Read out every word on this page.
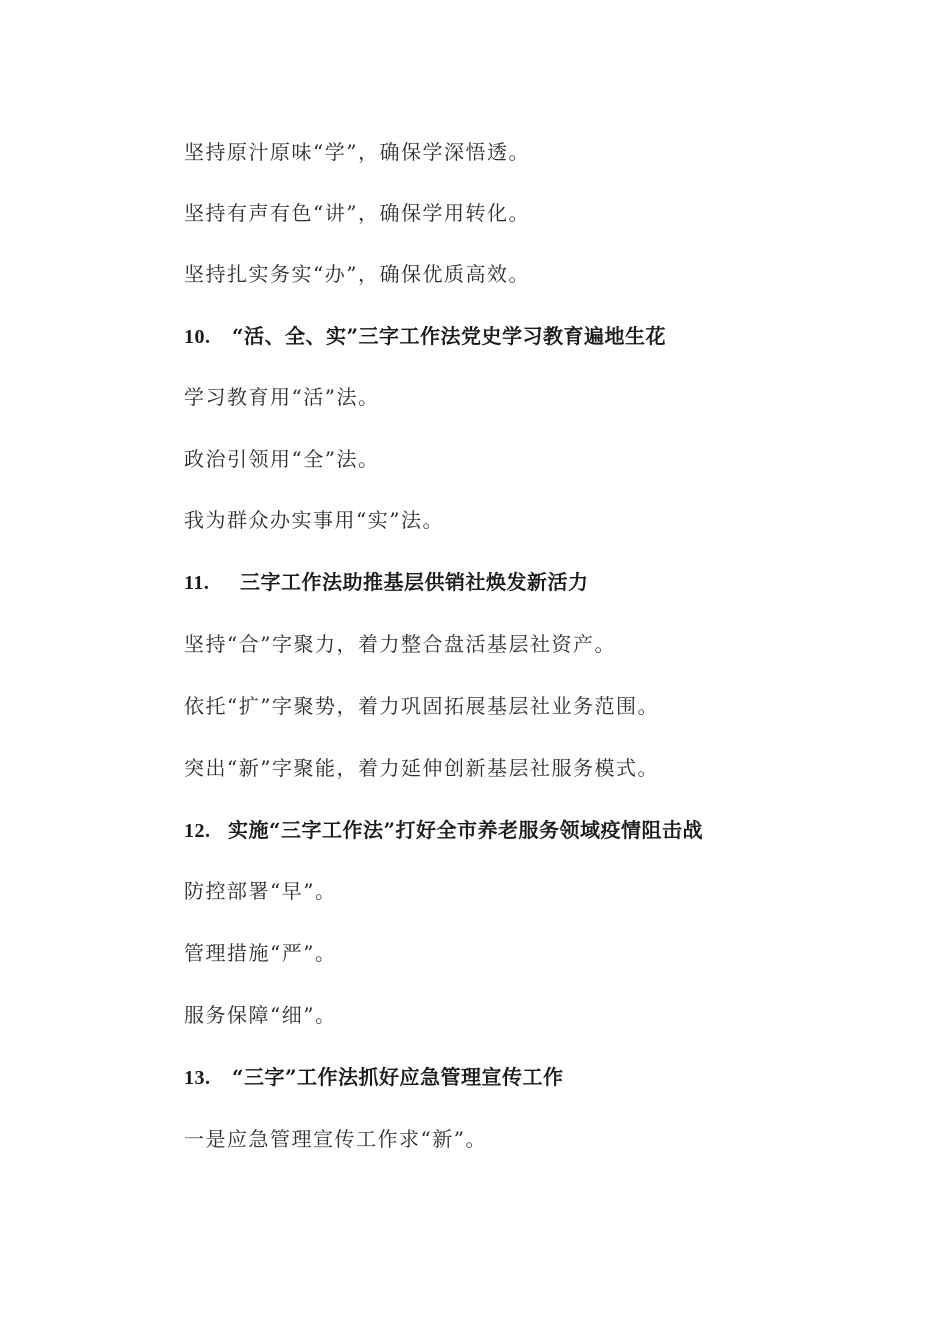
坚持原汁原味“学”，确保学深悟透。
坚持有声有色“讲”，确保学用转化。
坚持扎实务实“办”，确保优质高效。
10. “活、全、实”三字工作法党史学习教育遍地生花
学习教育用“活”法。
政治引领用“全”法。
我为群众办实事用“实”法。
11. 三字工作法助推基层供销社焕发新活力
坚持“合”字聚力，着力整合盘活基层社资产。
依托“扩”字聚势，着力巩固拓展基层社业务范围。
突出“新”字聚能，着力延伸创新基层社服务模式。
12. 实施“三字工作法”打好全市养老服务领域疫情阻击战
防控部署“早”。
管理措施“严”。
服务保障“细”。
13. “三字”工作法抓好应急管理宣传工作
一是应急管理宣传工作求“新”。
